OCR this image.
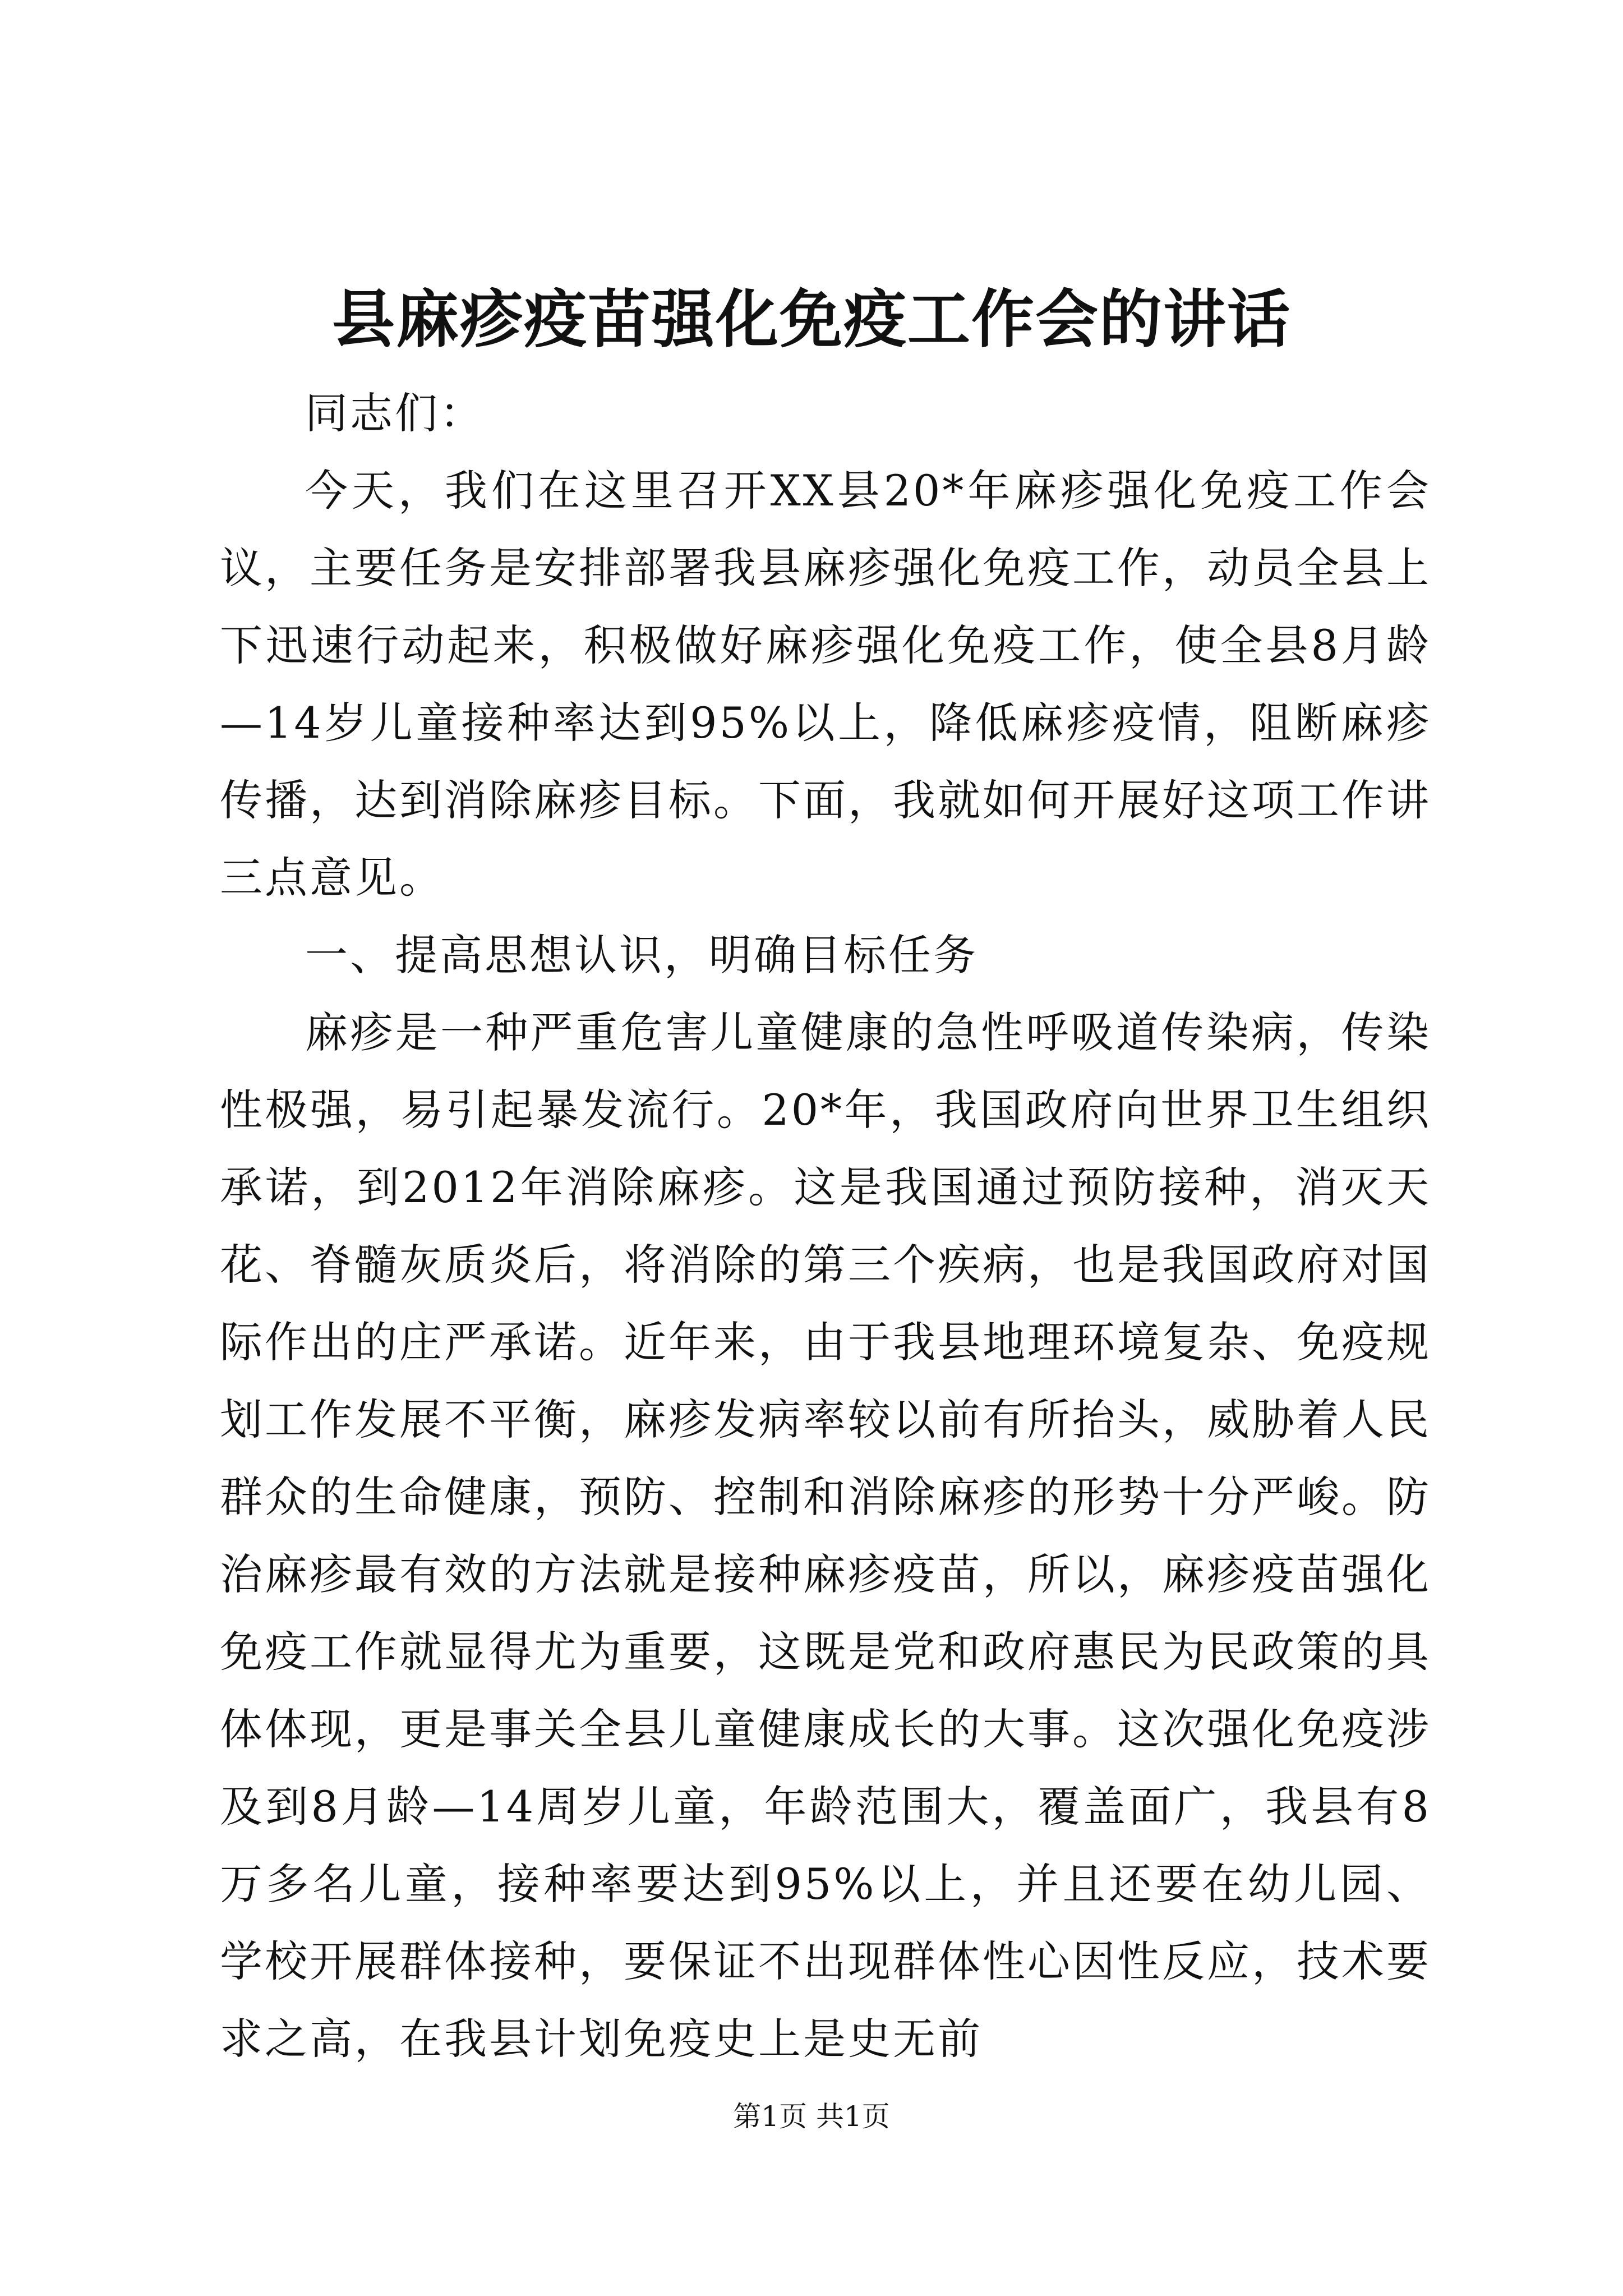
县麻疹疫苗强化免疫工作会的讲话

同志们：

今天，我们在这里召开XX县20*年麻疹强化免疫工作会议，主要任务是安排部署我县麻疹强化免疫工作，动员全县上下迅速行动起来，积极做好麻疹强化免疫工作，使全县8月龄—14岁儿童接种率达到95%以上，降低麻疹疫情，阻断麻疹传播，达到消除麻疹目标。下面，我就如何开展好这项工作讲三点意见。

一、提高思想认识，明确目标任务

麻疹是一种严重危害儿童健康的急性呼吸道传染病，传染性极强，易引起暴发流行。20*年，我国政府向世界卫生组织承诺，到2012年消除麻疹。这是我国通过预防接种，消灭天花、脊髓灰质炎后，将消除的第三个疾病，也是我国政府对国际作出的庄严承诺。近年来，由于我县地理环境复杂、免疫规划工作发展不平衡，麻疹发病率较以前有所抬头，威胁着人民群众的生命健康，预防、控制和消除麻疹的形势十分严峻。防治麻疹最有效的方法就是接种麻疹疫苗，所以，麻疹疫苗强化免疫工作就显得尤为重要，这既是党和政府惠民为民政策的具体体现，更是事关全县儿童健康成长的大事。这次强化免疫涉及到8月龄—14周岁儿童，年龄范围大，覆盖面广，我县有8万多名儿童，接种率要达到95%以上，并且还要在幼儿园、学校开展群体接种，要保证不出现群体性心因性反应，技术要求之高，在我县计划免疫史上是史无前

第1页 共1页
